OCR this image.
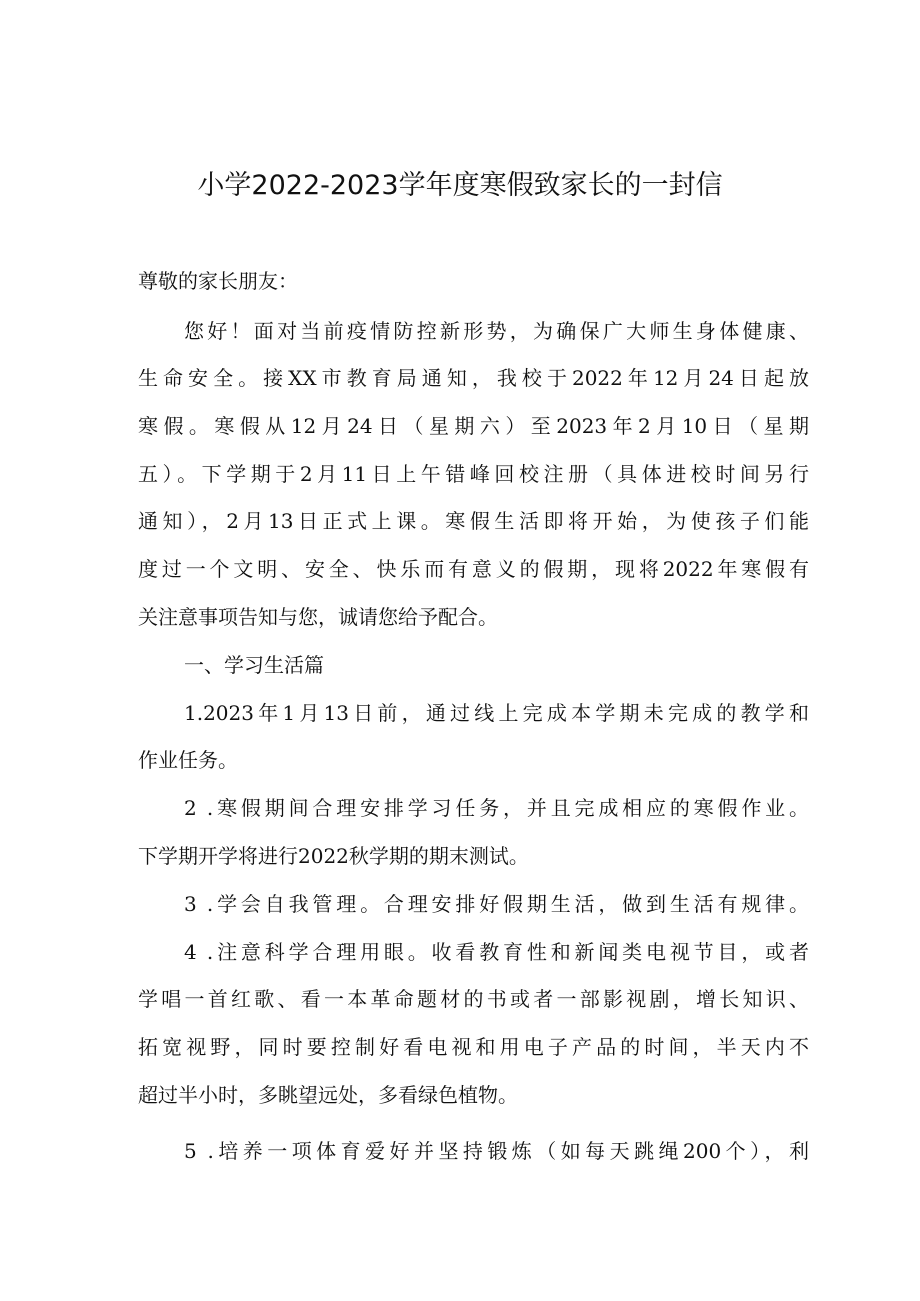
小学2022-2023学年度寒假致家长的一封信
尊敬的家长朋友：
您好！面对当前疫情防控新形势，为确保广大师生身体健康、
生命安全。接XX市教育局通知，我校于2022年12月24日起放
寒假。寒假从12月24日（星期六）至2023年2月10日（星期
五）。下学期于2月11日上午错峰回校注册（具体进校时间另行
通知），2月13日正式上课。寒假生活即将开始，为使孩子们能
度过一个文明、安全、快乐而有意义的假期，现将2022年寒假有
关注意事项告知与您，诚请您给予配合。
一、学习生活篇
1.2023年1月13日前，通过线上完成本学期未完成的教学和
作业任务。
2 .寒假期间合理安排学习任务，并且完成相应的寒假作业。
下学期开学将进行2022秋学期的期末测试。
3 .学会自我管理。合理安排好假期生活，做到生活有规律。
4 .注意科学合理用眼。收看教育性和新闻类电视节目，或者
学唱一首红歌、看一本革命题材的书或者一部影视剧，增长知识、
拓宽视野，同时要控制好看电视和用电子产品的时间，半天内不
超过半小时，多眺望远处，多看绿色植物。
5 .培养一项体育爱好并坚持锻炼（如每天跳绳200个），利
